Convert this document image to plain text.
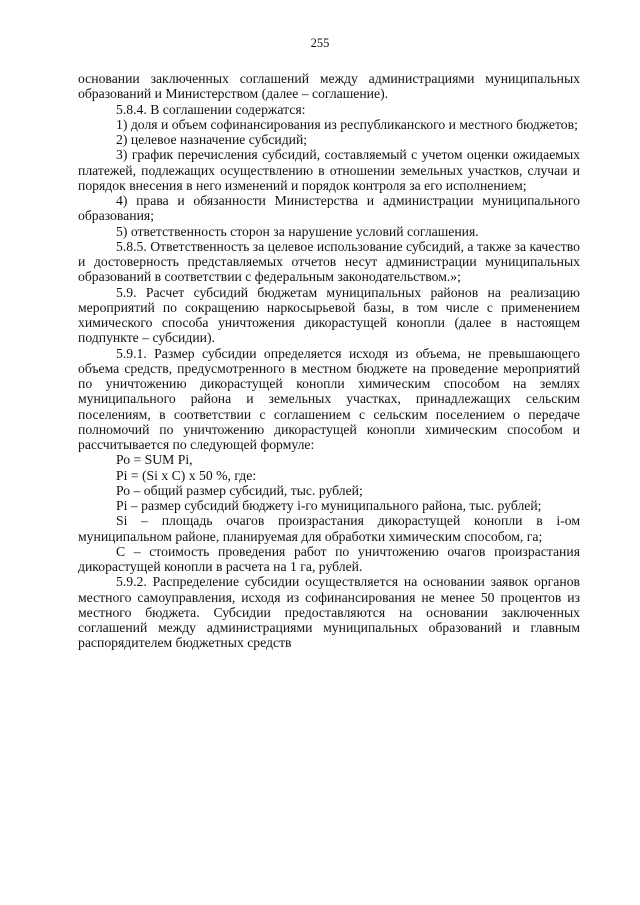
255

основании заключенных соглашений между администрациями муниципальных образований и Министерством (далее – соглашение).

5.8.4. В соглашении содержатся:

1) доля и объем софинансирования из республиканского и местного бюджетов;

2) целевое назначение субсидий;

3) график перечисления субсидий, составляемый с учетом оценки ожидаемых платежей, подлежащих осуществлению в отношении земельных участков, случаи и порядок внесения в него изменений и порядок контроля за его исполнением;

4) права и обязанности Министерства и администрации муниципального образования;

5) ответственность сторон за нарушение условий соглашения.

5.8.5. Ответственность за целевое использование субсидий, а также за качество и достоверность представляемых отчетов несут администрации муниципальных образований в соответствии с федеральным законодательством.»;

5.9. Расчет субсидий бюджетам муниципальных районов на реализацию мероприятий по сокращению наркосырьевой базы, в том числе с применением химического способа уничтожения дикорастущей конопли (далее в настоящем подпункте – субсидии).

5.9.1. Размер субсидии определяется исходя из объема, не превышающего объема средств, предусмотренного в местном бюджете на проведение мероприятий по уничтожению дикорастущей конопли химическим способом на землях муниципального района и земельных участках, принадлежащих сельским поселениям, в соответствии с соглашением с сельским поселением о передаче полномочий по уничтожению дикорастущей конопли химическим способом и рассчитывается по следующей формуле:

Ро = SUM Pi,

Pi = (Si х С) х 50 %, где:

Ро – общий размер субсидий, тыс. рублей;

Pi – размер субсидий бюджету i-го муниципального района, тыс. рублей;

Si – площадь очагов произрастания дикорастущей конопли в i-ом муниципальном районе, планируемая для обработки химическим способом, га;

С – стоимость проведения работ по уничтожению очагов произрастания дикорастущей конопли в расчета на 1 га, рублей.

5.9.2. Распределение субсидии осуществляется на основании заявок органов местного самоуправления, исходя из софинансирования не менее 50 процентов из местного бюджета. Субсидии предоставляются на основании заключенных соглашений между администрациями муниципальных образований и главным распорядителем бюджетных средств
